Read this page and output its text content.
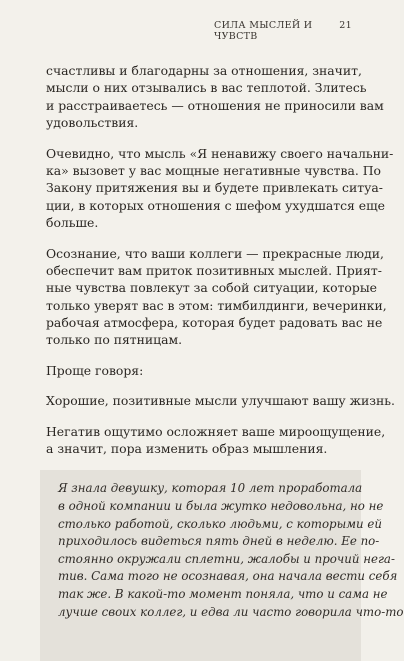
СИЛА МЫСЛЕЙ И ЧУВСТВ
21
счастливы и благодарны за отношения, значит,
мысли о них отзывались в вас теплотой. Злитесь
и расстраиваетесь — отношения не приносили вам
удовольствия.
Очевидно, что мысль «Я ненавижу своего начальни-
ка» вызовет у вас мощные негативные чувства. По
Закону притяжения вы и будете привлекать ситуа-
ции, в которых отношения с шефом ухудшатся еще
больше.
Осознание, что ваши коллеги — прекрасные люди,
обеспечит вам приток позитивных мыслей. Прият-
ные чувства повлекут за собой ситуации, которые
только уверят вас в этом: тимбилдинги, вечеринки,
рабочая атмосфера, которая будет радовать вас не
только по пятницам.
Проще говоря:
Хорошие, позитивные мысли улучшают вашу жизнь.
Негатив ощутимо осложняет ваше мироощущение,
а значит, пора изменить образ мышления.
Я знала девушку, которая 10 лет проработала
в одной компании и была жутко недовольна, но не
столько работой, сколько людьми, с которыми ей
приходилось видеться пять дней в неделю. Ее по-
стоянно окружали сплетни, жалобы и прочий нега-
тив. Сама того не осознавая, она начала вести себя
так же. В какой-то момент поняла, что и сама не
лучше своих коллег, и едва ли часто говорила что-то
